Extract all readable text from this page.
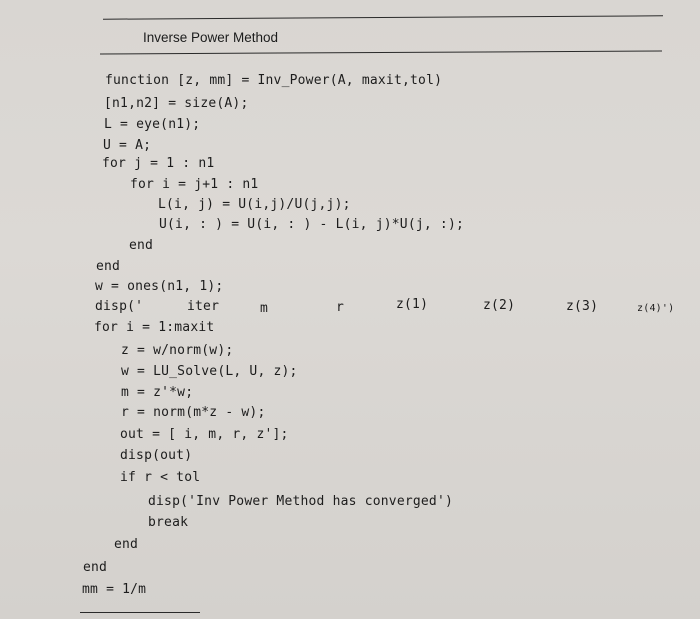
Inverse Power Method
function [z, mm] = Inv_Power(A, maxit,tol)
[n1,n2] = size(A);
L = eye(n1);
U = A;
for j = 1 : n1
for i = j+1 : n1
L(i, j) = U(i,j)/U(j,j);
U(i, : ) = U(i, : ) - L(i, j)*U(j, :);
end
end
w = ones(n1, 1);
disp('	iter	m	r	z(1)	z(2)	z(3)	z(4)')
for i = 1:maxit
z = w/norm(w);
w = LU_Solve(L, U, z);
m = z'*w;
r = norm(m*z - w);
out = [ i, m, r, z'];
disp(out)
if r < tol
disp('Inv Power Method has converged')
break
end
end
mm = 1/m
